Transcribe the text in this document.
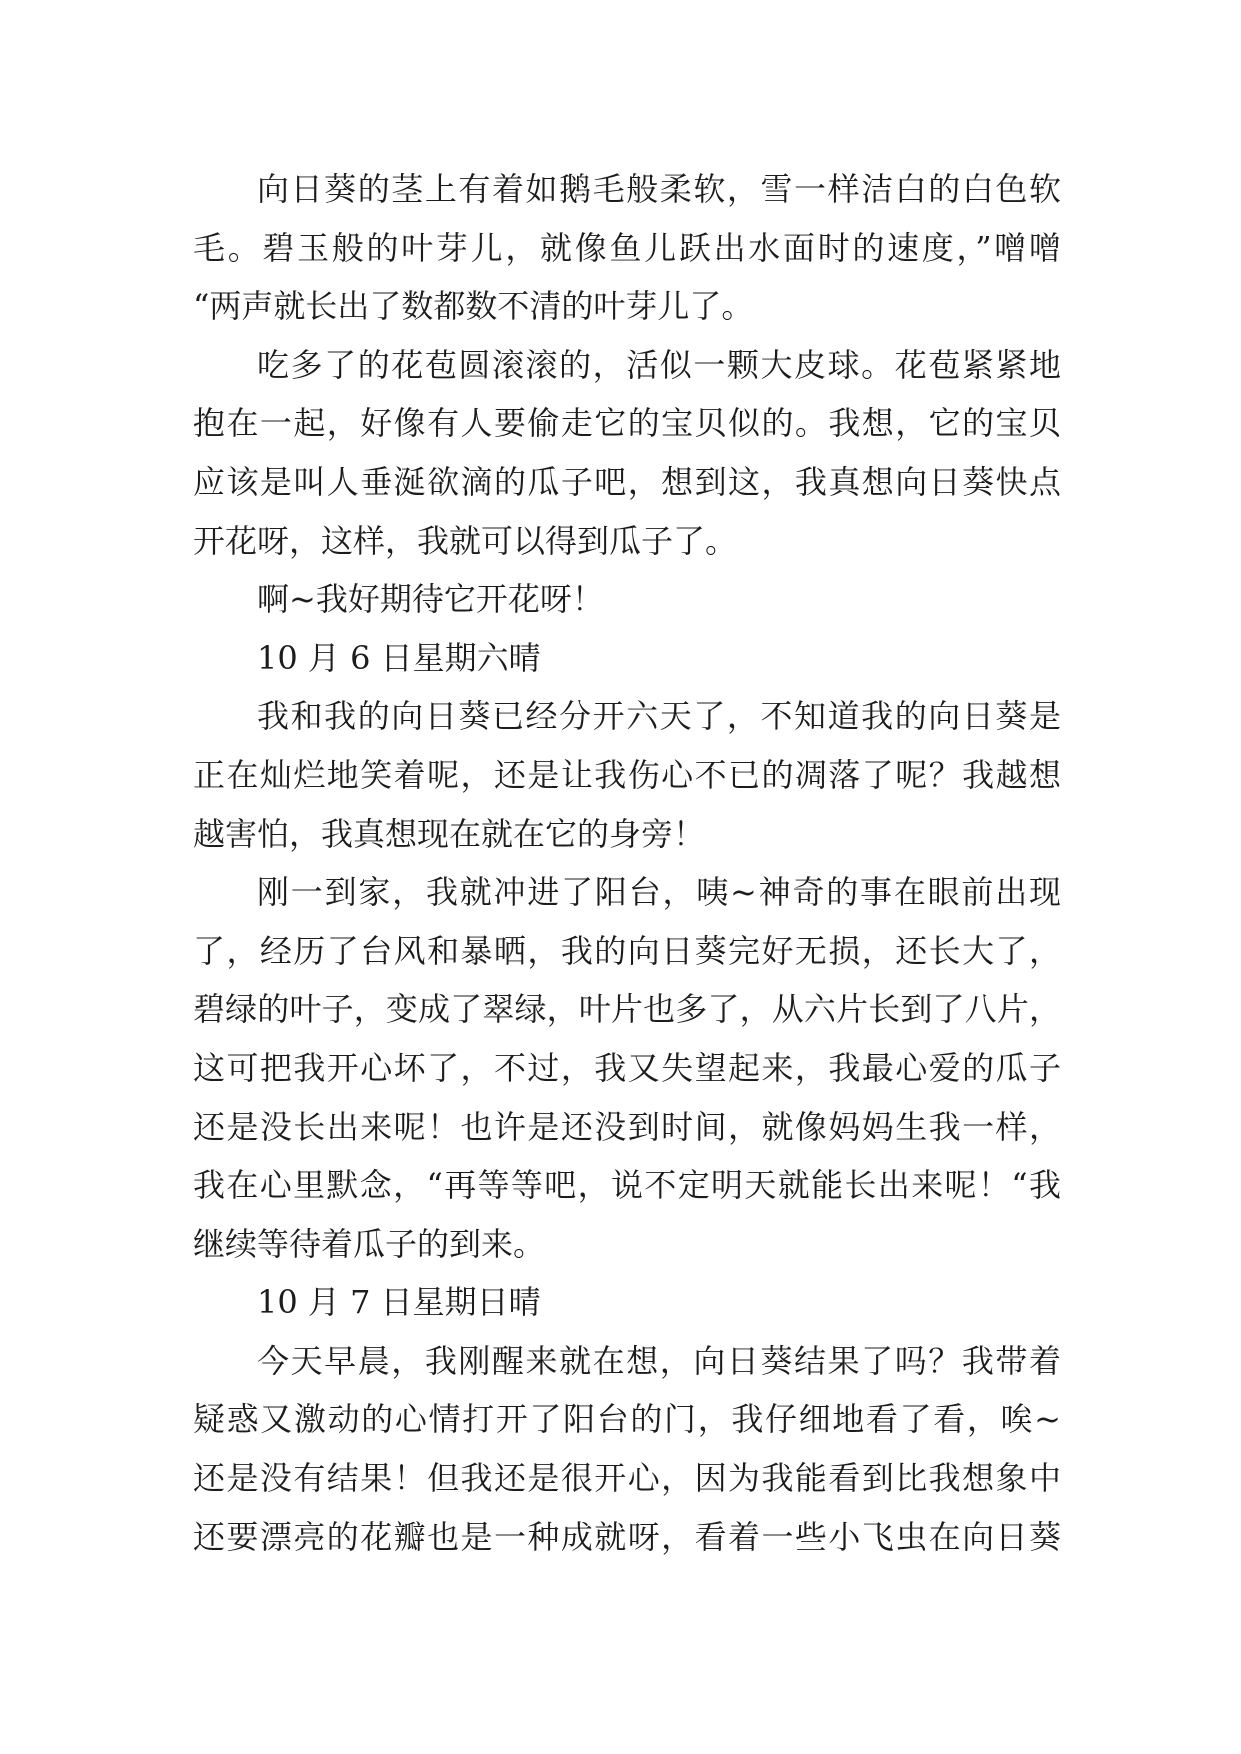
向日葵的茎上有着如鹅毛般柔软，雪一样洁白的白色软
毛。碧玉般的叶芽儿，就像鱼儿跃出水面时的速度，”噌噌
“两声就长出了数都数不清的叶芽儿了。
吃多了的花苞圆滚滚的，活似一颗大皮球。花苞紧紧地
抱在一起，好像有人要偷走它的宝贝似的。我想，它的宝贝
应该是叫人垂涎欲滴的瓜子吧，想到这，我真想向日葵快点
开花呀，这样，我就可以得到瓜子了。
啊~我好期待它开花呀！
10 月 6 日星期六晴
我和我的向日葵已经分开六天了，不知道我的向日葵是
正在灿烂地笑着呢，还是让我伤心不已的凋落了呢？我越想
越害怕，我真想现在就在它的身旁！
刚一到家，我就冲进了阳台，咦~神奇的事在眼前出现
了，经历了台风和暴晒，我的向日葵完好无损，还长大了，
碧绿的叶子，变成了翠绿，叶片也多了，从六片长到了八片，
这可把我开心坏了，不过，我又失望起来，我最心爱的瓜子
还是没长出来呢！也许是还没到时间，就像妈妈生我一样，
我在心里默念，“再等等吧，说不定明天就能长出来呢！“我
继续等待着瓜子的到来。
10 月 7 日星期日晴
今天早晨，我刚醒来就在想，向日葵结果了吗？我带着
疑惑又激动的心情打开了阳台的门，我仔细地看了看，唉~
还是没有结果！但我还是很开心，因为我能看到比我想象中
还要漂亮的花瓣也是一种成就呀，看着一些小飞虫在向日葵
